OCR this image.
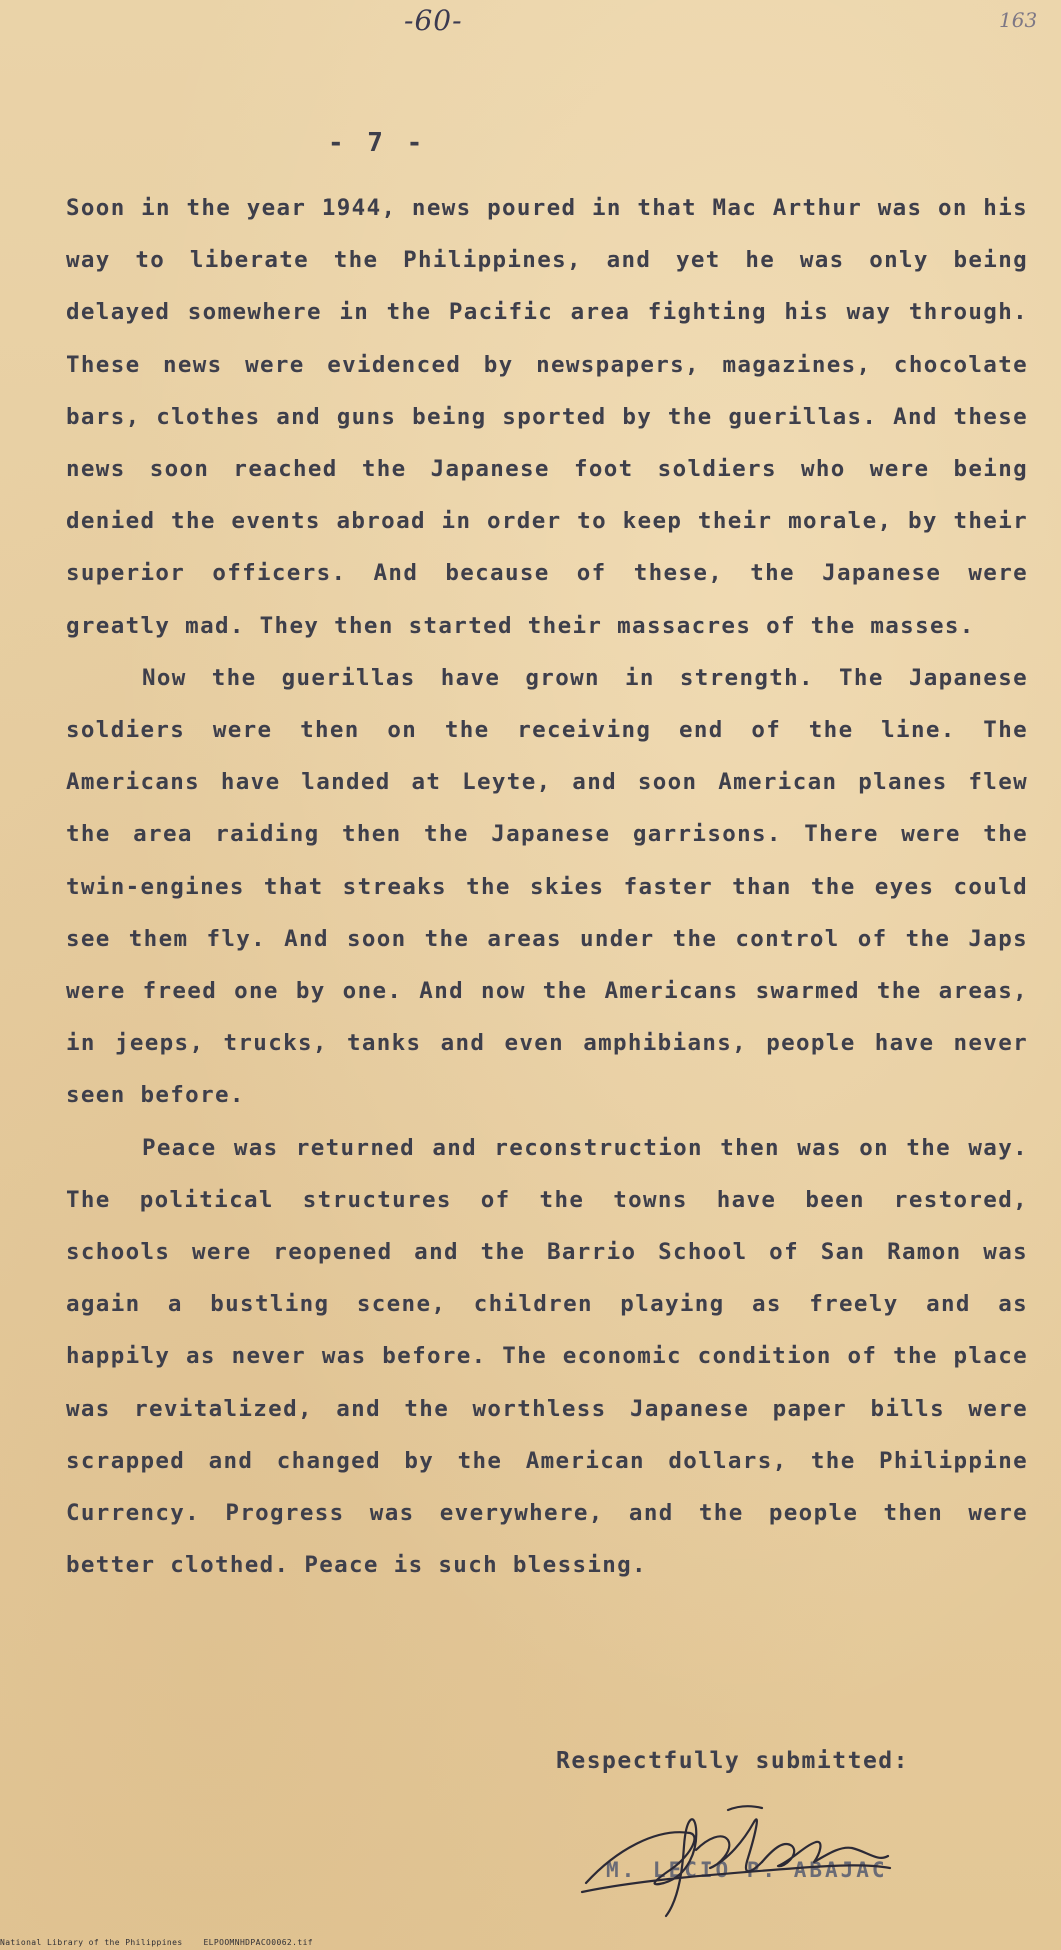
-60-	163
- 7 -

Soon in the year 1944, news poured in that Mac Arthur was on his way to liberate the Philippines, and yet he was only being delayed somewhere in the Pacific area fighting his way through. These news were evidenced by newspapers, magazines, chocolate bars, clothes and guns being sported by the guerillas. And these news soon reached the Japanese foot soldiers who were being denied the events abroad in order to keep their morale, by their superior officers. And because of these, the Japanese were greatly mad. They then started their massacres of the masses.

Now the guerillas have grown in strength. The Japanese soldiers were then on the receiving end of the line. The Americans have landed at Leyte, and soon American planes flew the area raiding then the Japanese garrisons. There were the twin-engines that streaks the skies faster than the eyes could see them fly. And soon the areas under the control of the Japs were freed one by one. And now the Americans swarmed the areas, in jeeps, trucks, tanks and even amphibians, people have never seen before.

Peace was returned and reconstruction then was on the way. The political structures of the towns have been restored, schools were reopened and the Barrio School of San Ramon was again a bustling scene, children playing as freely and as happily as never was before. The economic condition of the place was revitalized, and the worthless Japanese paper bills were scrapped and changed by the American dollars, the Philippine Currency. Progress was everywhere, and the people then were better clothed. Peace is such blessing.

Respectfully submitted:
M. LECIO P. ABAJAC
National Library of the Philippines	ELPOOMNHDPACO0062.tif
